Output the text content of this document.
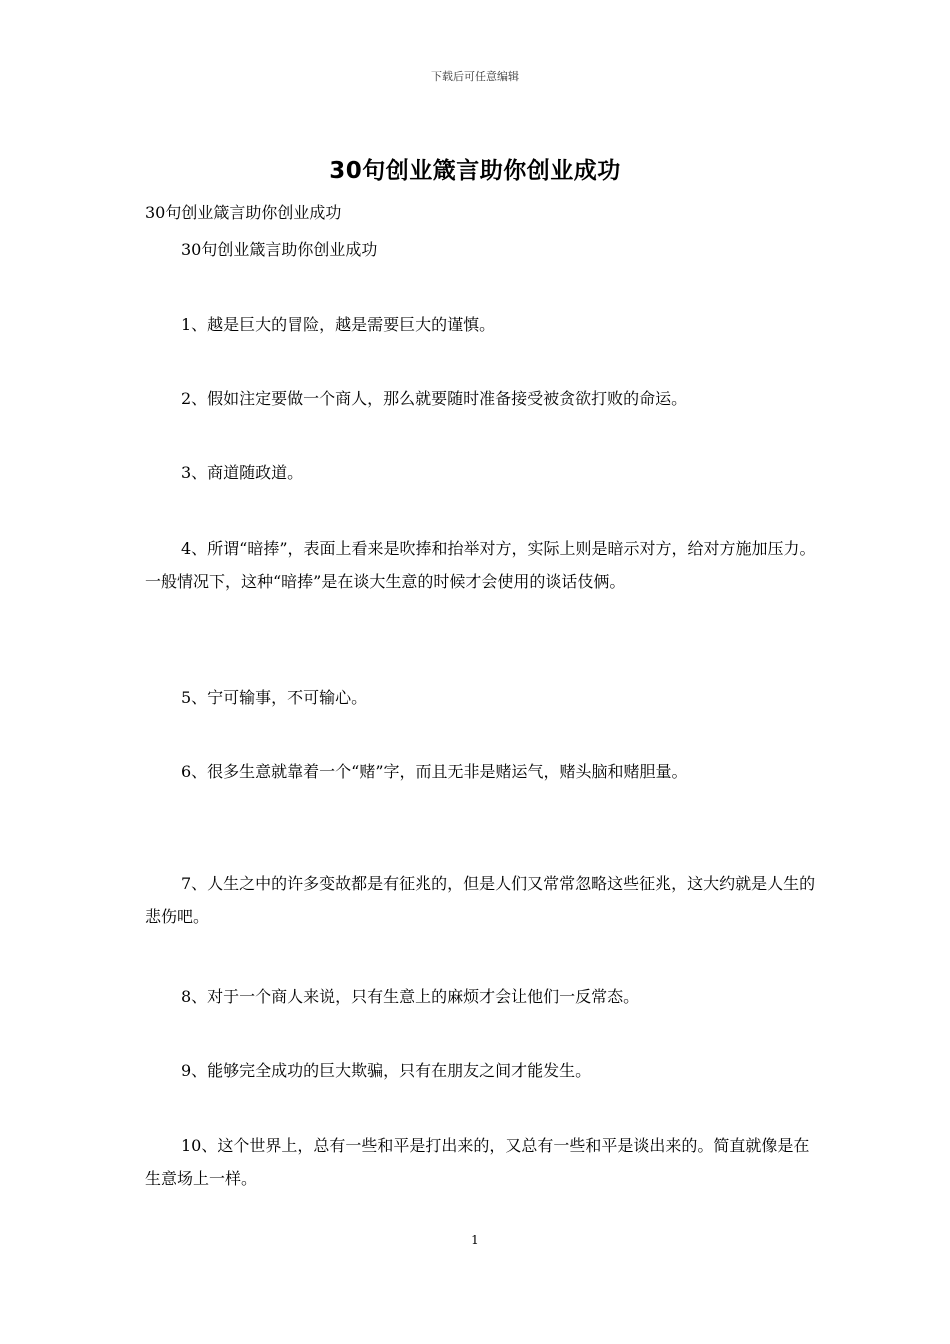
下载后可任意编辑
30句创业箴言助你创业成功

30句创业箴言助你创业成功

30句创业箴言助你创业成功

1、越是巨大的冒险，越是需要巨大的谨慎。

2、假如注定要做一个商人，那么就要随时准备接受被贪欲打败的命运。

3、商道随政道。

4、所谓“暗捧”，表面上看来是吹捧和抬举对方，实际上则是暗示对方，给对方施加压力。一般情况下，这种“暗捧”是在谈大生意的时候才会使用的谈话伎俩。

5、宁可输事，不可输心。

6、很多生意就靠着一个“赌”字，而且无非是赌运气，赌头脑和赌胆量。

7、人生之中的许多变故都是有征兆的，但是人们又常常忽略这些征兆，这大约就是人生的悲伤吧。

8、对于一个商人来说，只有生意上的麻烦才会让他们一反常态。

9、能够完全成功的巨大欺骗，只有在朋友之间才能发生。

10、这个世界上，总有一些和平是打出来的，又总有一些和平是谈出来的。简直就像是在生意场上一样。

1
